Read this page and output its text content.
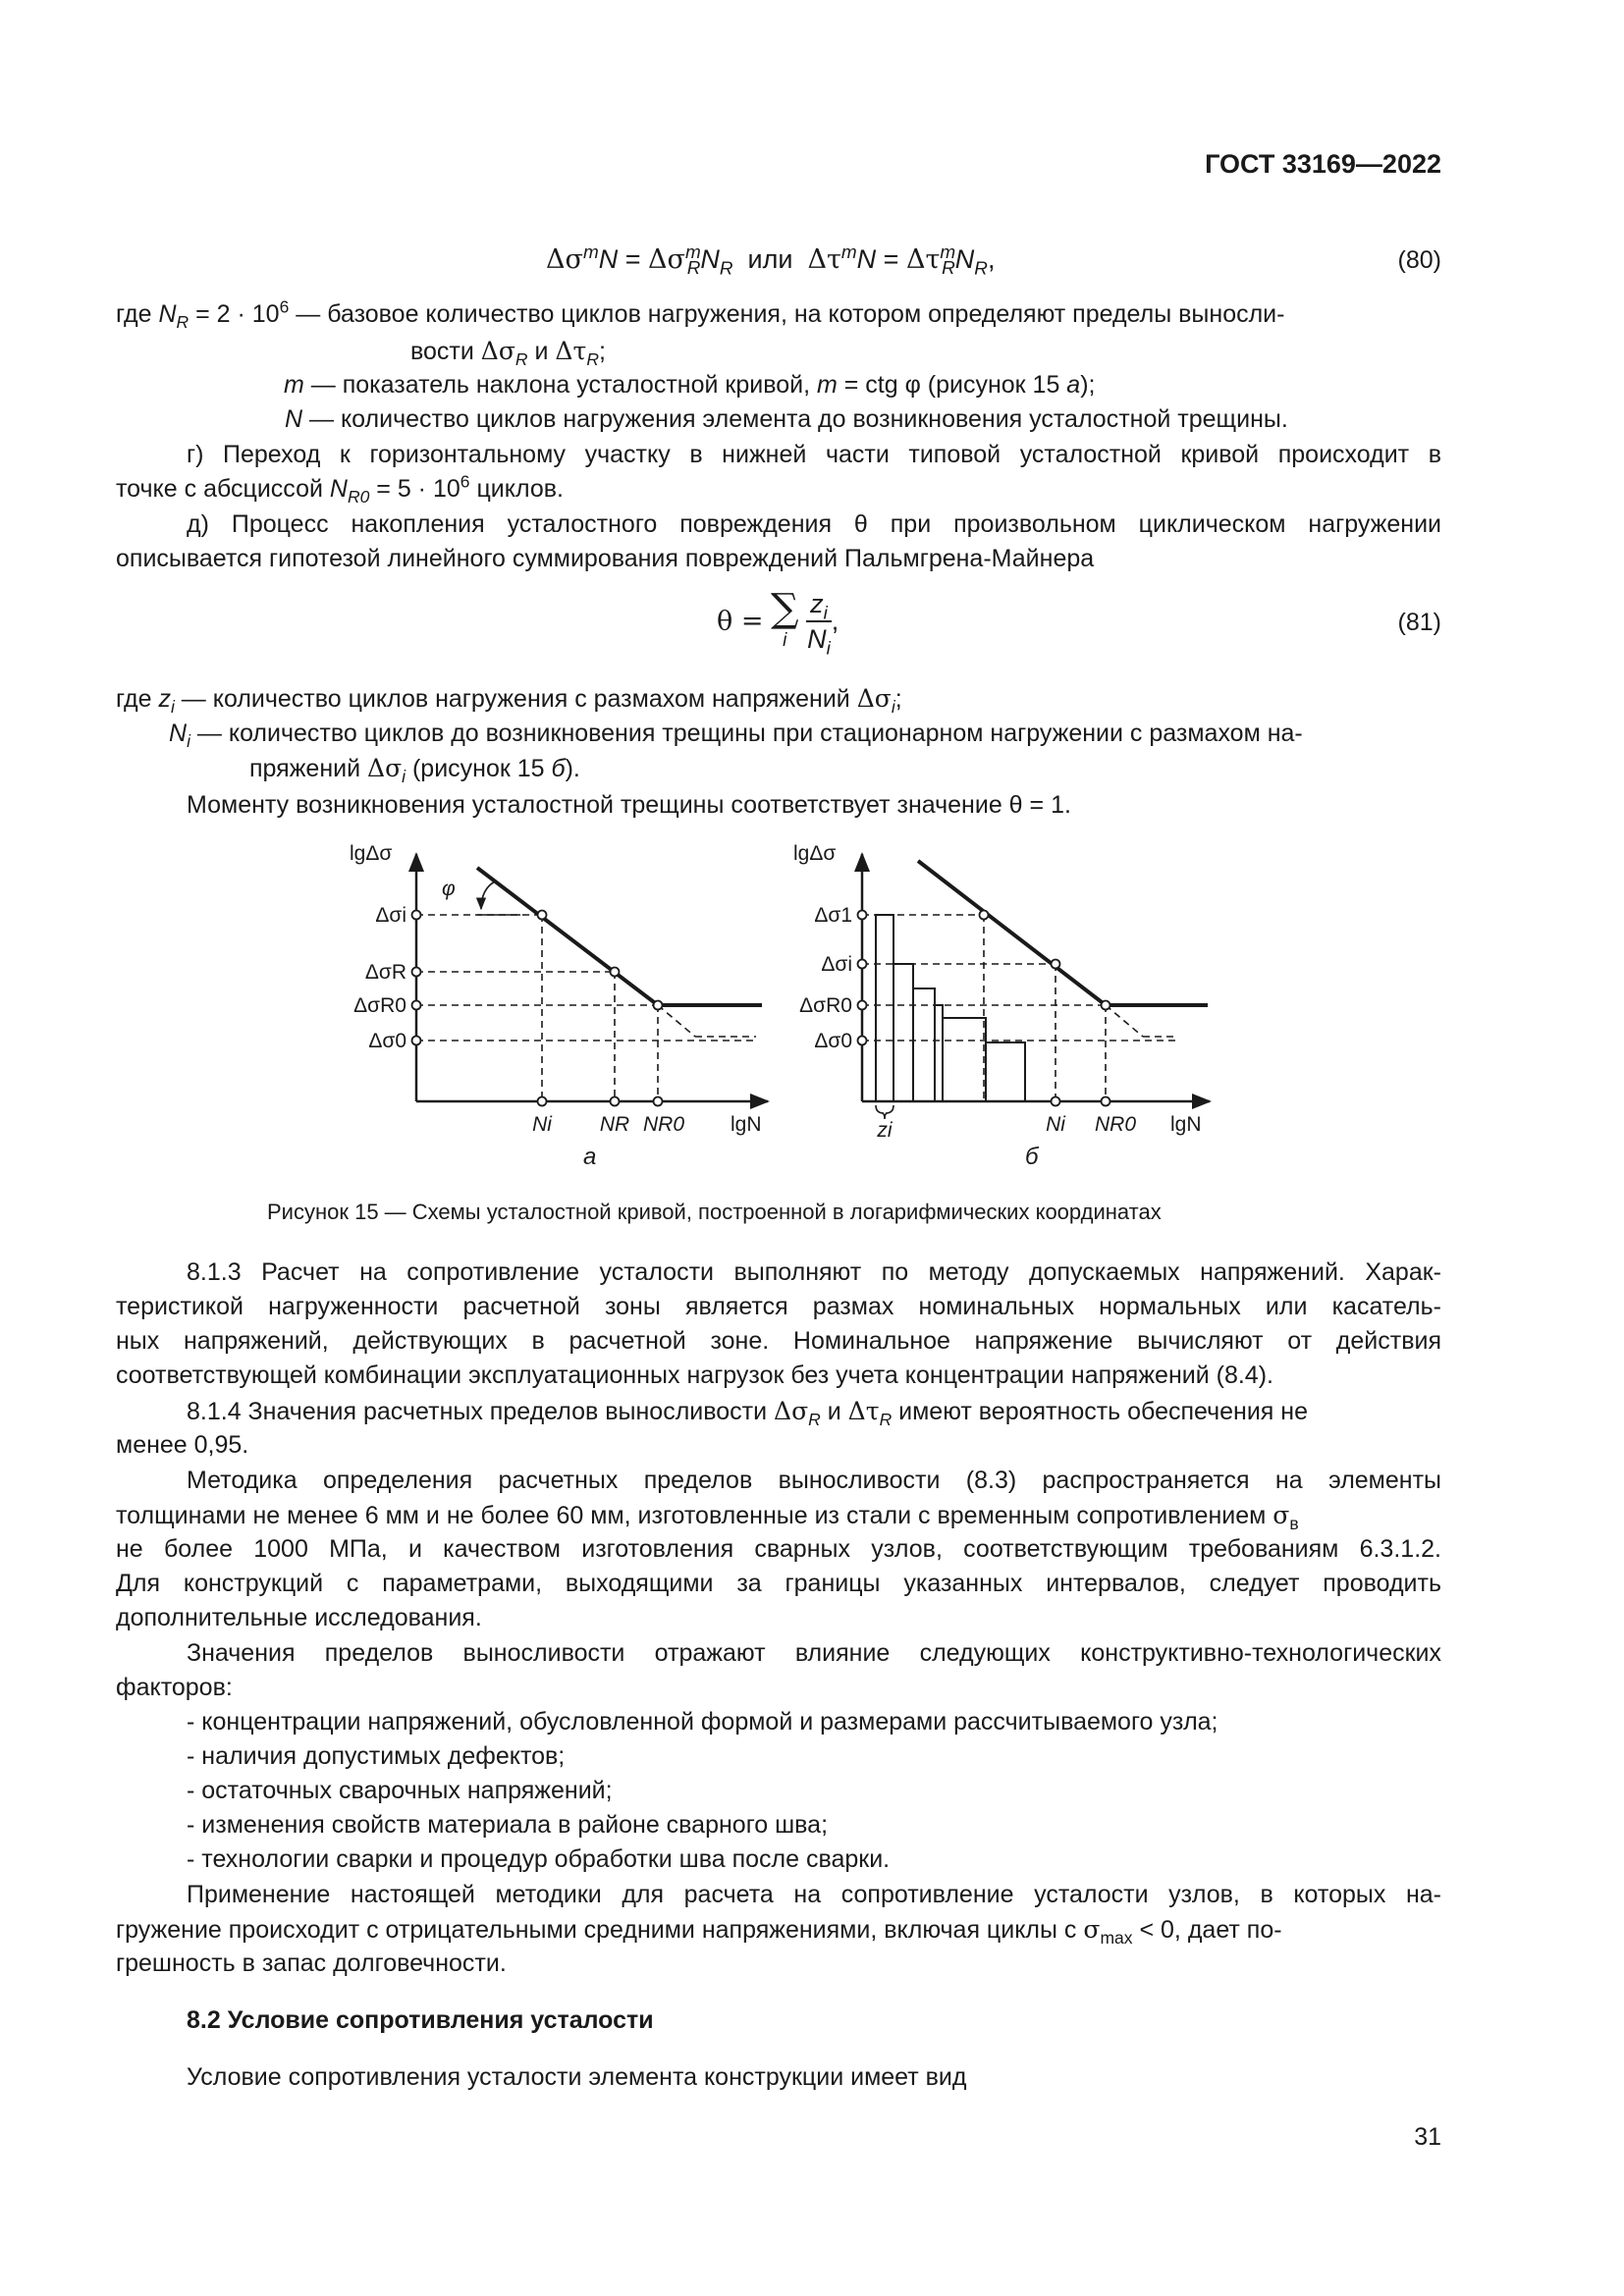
ГОСТ 33169—2022
$\Delta\sigma^mN = \Delta\sigma^m_RN_R$ или $\Delta\tau^mN = \Delta\tau^m_RN_R$,	(80)
где $N_R = 2 \cdot 10^6$ — базовое количество циклов нагружения, на котором определяют пределы выносли-
вости $\Delta\sigma_R$ и $\Delta\tau_R$;
m — показатель наклона усталостной кривой, m = ctg φ (рисунок 15 а);
N — количество циклов нагружения элемента до возникновения усталостной трещины.
г) Переход к горизонтальному участку в нижней части типовой усталостной кривой происходит в
точке с абсциссой $N_{R0} = 5 \cdot 10^6$ циклов.
д) Процесс накопления усталостного повреждения θ при произвольном циклическом нагружении
описывается гипотезой линейного суммирования повреждений Пальмгрена-Майнера
θ = ∑
i
$\frac{z_i}{N_i}$ ,	(81)
где $z_i$ — количество циклов нагружения с размахом напряжений $\Delta\sigma_i$;
$N_i$ — количество циклов до возникновения трещины при стационарном нагружении с размахом на-
пряжений $\Delta\sigma_i$ (рисунок 15 б).
Моменту возникновения усталостной трещины соответствует значение θ = 1.
lgΔσ
φ
Δσi
ΔσR
ΔσR0
Δσ0
Ni NR NR0 lgN
а
lgΔσ
Δσ1
Δσi
ΔσR0
Δσ0
zi	Ni NR0 lgN
б
Рисунок 15 — Схемы усталостной кривой, построенной в логарифмических координатах
8.1.3 Расчет на сопротивление усталости выполняют по методу допускаемых напряжений. Харак-
теристикой нагруженности расчетной зоны является размах номинальных нормальных или касатель-
ных напряжений, действующих в расчетной зоне. Номинальное напряжение вычисляют от действия
соответствующей комбинации эксплуатационных нагрузок без учета концентрации напряжений (8.4).
8.1.4 Значения расчетных пределов выносливости $\Delta\sigma_R$ и $\Delta\tau_R$ имеют вероятность обеспечения не
менее 0,95.
Методика определения расчетных пределов выносливости (8.3) распространяется на элементы
толщинами не менее 6 мм и не более 60 мм, изготовленные из стали с временным сопротивлением $\sigma_в$
не более 1000 МПа, и качеством изготовления сварных узлов, соответствующим требованиям 6.3.1.2.
Для конструкций с параметрами, выходящими за границы указанных интервалов, следует проводить
дополнительные исследования.
Значения пределов выносливости отражают влияние следующих конструктивно-технологических
факторов:
- концентрации напряжений, обусловленной формой и размерами рассчитываемого узла;
- наличия допустимых дефектов;
- остаточных сварочных напряжений;
- изменения свойств материала в районе сварного шва;
- технологии сварки и процедур обработки шва после сварки.
Применение настоящей методики для расчета на сопротивление усталости узлов, в которых на-
гружение происходит с отрицательными средними напряжениями, включая циклы с $\sigma_{max} < 0$, дает по-
грешность в запас долговечности.
8.2 Условие сопротивления усталости
Условие сопротивления усталости элемента конструкции имеет вид
31
